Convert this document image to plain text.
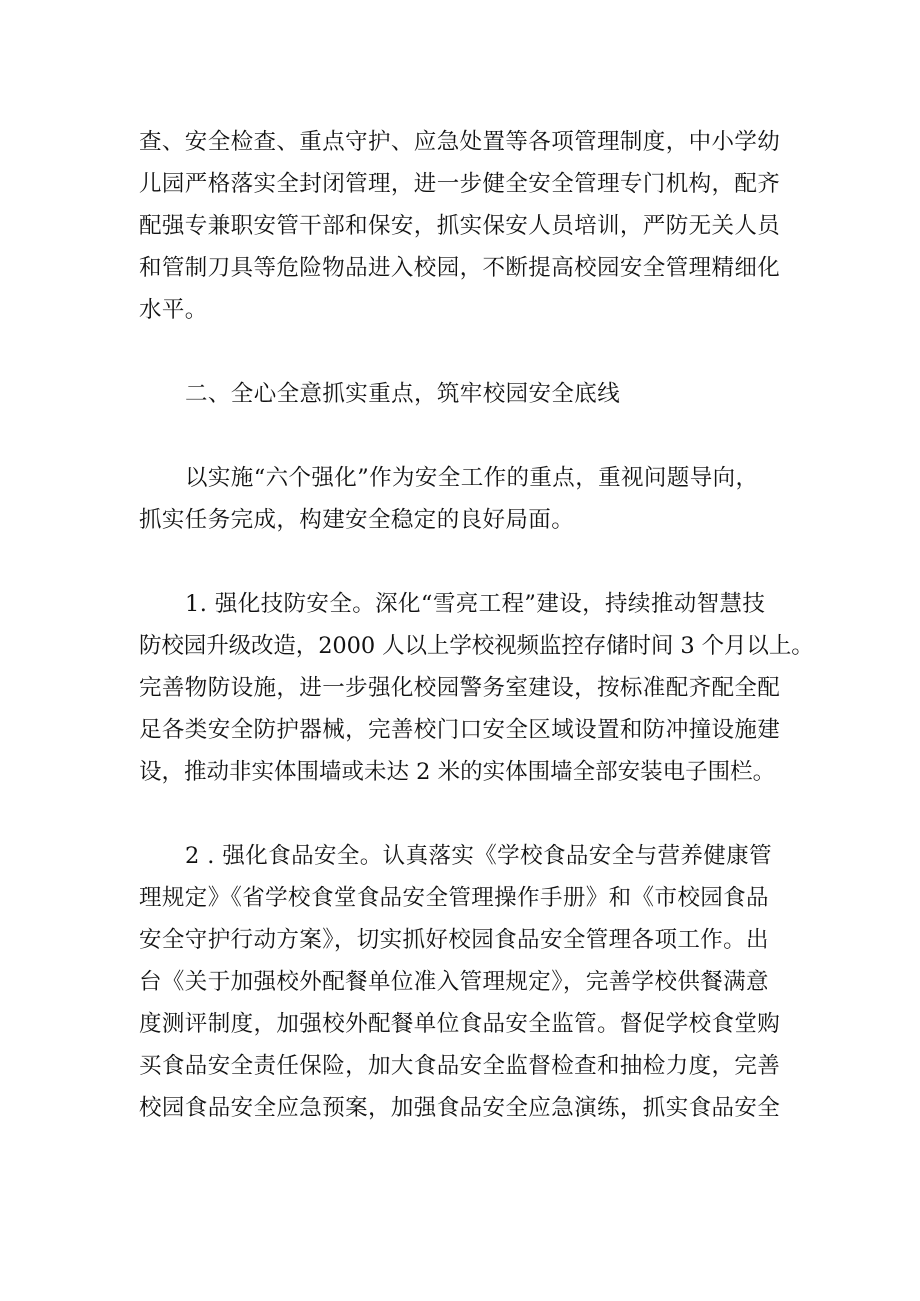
查、安全检查、重点守护、应急处置等各项管理制度，中小学幼
儿园严格落实全封闭管理，进一步健全安全管理专门机构，配齐
配强专兼职安管干部和保安，抓实保安人员培训，严防无关人员
和管制刀具等危险物品进入校园，不断提高校园安全管理精细化
水平。
二、全心全意抓实重点，筑牢校园安全底线
以实施“六个强化”作为安全工作的重点，重视问题导向，
抓实任务完成，构建安全稳定的良好局面。
1. 强化技防安全。深化“雪亮工程”建设，持续推动智慧技
防校园升级改造，2000 人以上学校视频监控存储时间 3 个月以上。
完善物防设施，进一步强化校园警务室建设，按标准配齐配全配
足各类安全防护器械，完善校门口安全区域设置和防冲撞设施建
设，推动非实体围墙或未达 2 米的实体围墙全部安装电子围栏。
2 . 强化食品安全。认真落实《学校食品安全与营养健康管
理规定》《省学校食堂食品安全管理操作手册》和《市校园食品
安全守护行动方案》，切实抓好校园食品安全管理各项工作。出
台《关于加强校外配餐单位准入管理规定》，完善学校供餐满意
度测评制度，加强校外配餐单位食品安全监管。督促学校食堂购
买食品安全责任保险，加大食品安全监督检查和抽检力度，完善
校园食品安全应急预案，加强食品安全应急演练，抓实食品安全
